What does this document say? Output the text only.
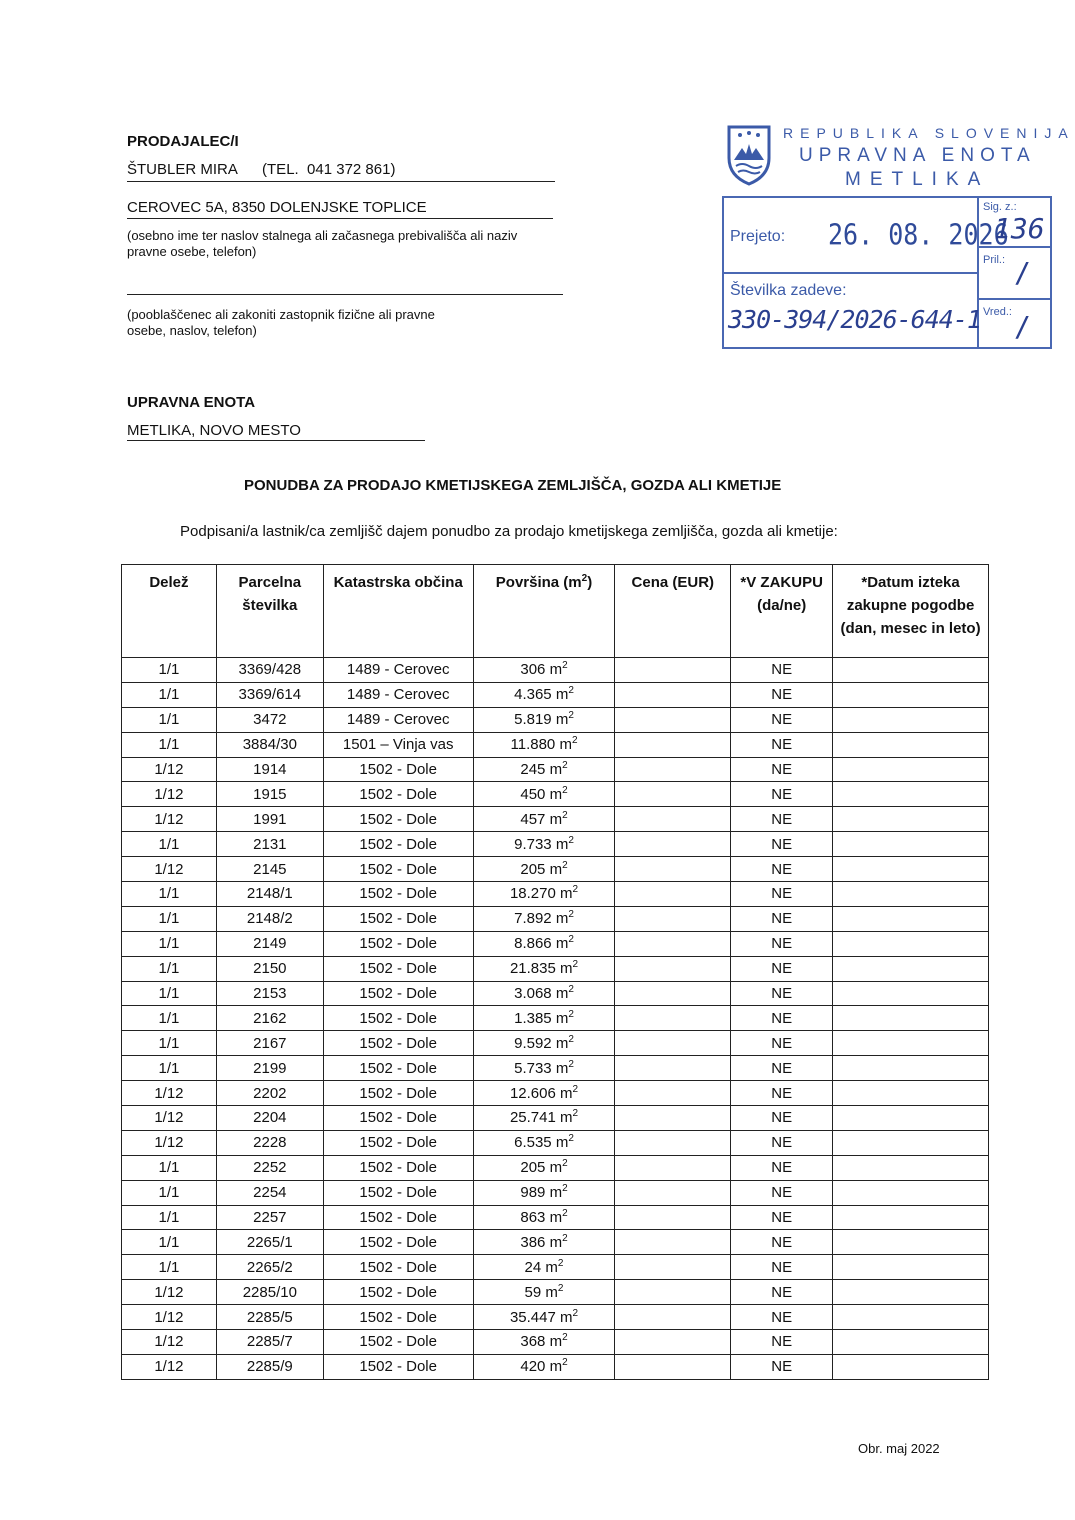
PRODAJALEC/I
ŠTUBLER MIRA      (TEL.  041 372 861)
CEROVEC 5A, 8350 DOLENJSKE TOPLICE
(osebno ime ter naslov stalnega ali začasnega prebivališča ali naziv pravne osebe, telefon)
(pooblaščenec ali zakoniti zastopnik fizične ali pravne osebe, naslov, telefon)
UPRAVNA ENOTA
METLIKA, NOVO MESTO
REPUBLIKA SLOVENIJA
UPRAVNA ENOTA
METLIKA
Prejeto: 26. 08. 2026
Sig. z.:
136
Pril.: /
Številka zadeve:
330-394/2026-644-1 Vred.: /
PONUDBA ZA PRODAJO KMETIJSKEGA ZEMLJIŠČA, GOZDA ALI KMETIJE
Podpisani/a lastnik/ca zemljišč dajem ponudbo za prodajo kmetijskega zemljišča, gozda ali kmetije:
Delež	Parcelna številka	Katastrska občina	Površina $(m^2)$	Cena (EUR)	*V ZAKUPU (da/ne)	*Datum izteka zakupne pogodbe (dan, mesec in leto)
1/1	3369/428	1489 - Cerovec	306 $m^2$		NE	
1/1	3369/614	1489 - Cerovec	4.365 $m^2$		NE	
1/1	3472	1489 - Cerovec	5.819 $m^2$		NE	
1/1	3884/30	1501 – Vinja vas	11.880 $m^2$		NE	
1/12	1914	1502 - Dole	245 $m^2$		NE	
1/12	1915	1502 - Dole	450 $m^2$		NE	
1/12	1991	1502 - Dole	457 $m^2$		NE	
1/1	2131	1502 - Dole	9.733 $m^2$		NE	
1/12	2145	1502 - Dole	205 $m^2$		NE	
1/1	2148/1	1502 - Dole	18.270 $m^2$		NE	
1/1	2148/2	1502 - Dole	7.892 $m^2$		NE	
1/1	2149	1502 - Dole	8.866 $m^2$		NE	
1/1	2150	1502 - Dole	21.835 $m^2$		NE	
1/1	2153	1502 - Dole	3.068 $m^2$		NE	
1/1	2162	1502 - Dole	1.385 $m^2$		NE	
1/1	2167	1502 - Dole	9.592 $m^2$		NE	
1/1	2199	1502 - Dole	5.733 $m^2$		NE	
1/12	2202	1502 - Dole	12.606 $m^2$		NE	
1/12	2204	1502 - Dole	25.741 $m^2$		NE	
1/12	2228	1502 - Dole	6.535 $m^2$		NE	
1/1	2252	1502 - Dole	205 $m^2$		NE	
1/1	2254	1502 - Dole	989 $m^2$		NE	
1/1	2257	1502 - Dole	863 $m^2$		NE	
1/1	2265/1	1502 - Dole	386 $m^2$		NE	
1/1	2265/2	1502 - Dole	24 $m^2$		NE	
1/12	2285/10	1502 - Dole	59 $m^2$		NE	
1/12	2285/5	1502 - Dole	35.447 $m^2$		NE	
1/12	2285/7	1502 - Dole	368 $m^2$		NE	
1/12	2285/9	1502 - Dole	420 $m^2$		NE	
Obr. maj 2022
